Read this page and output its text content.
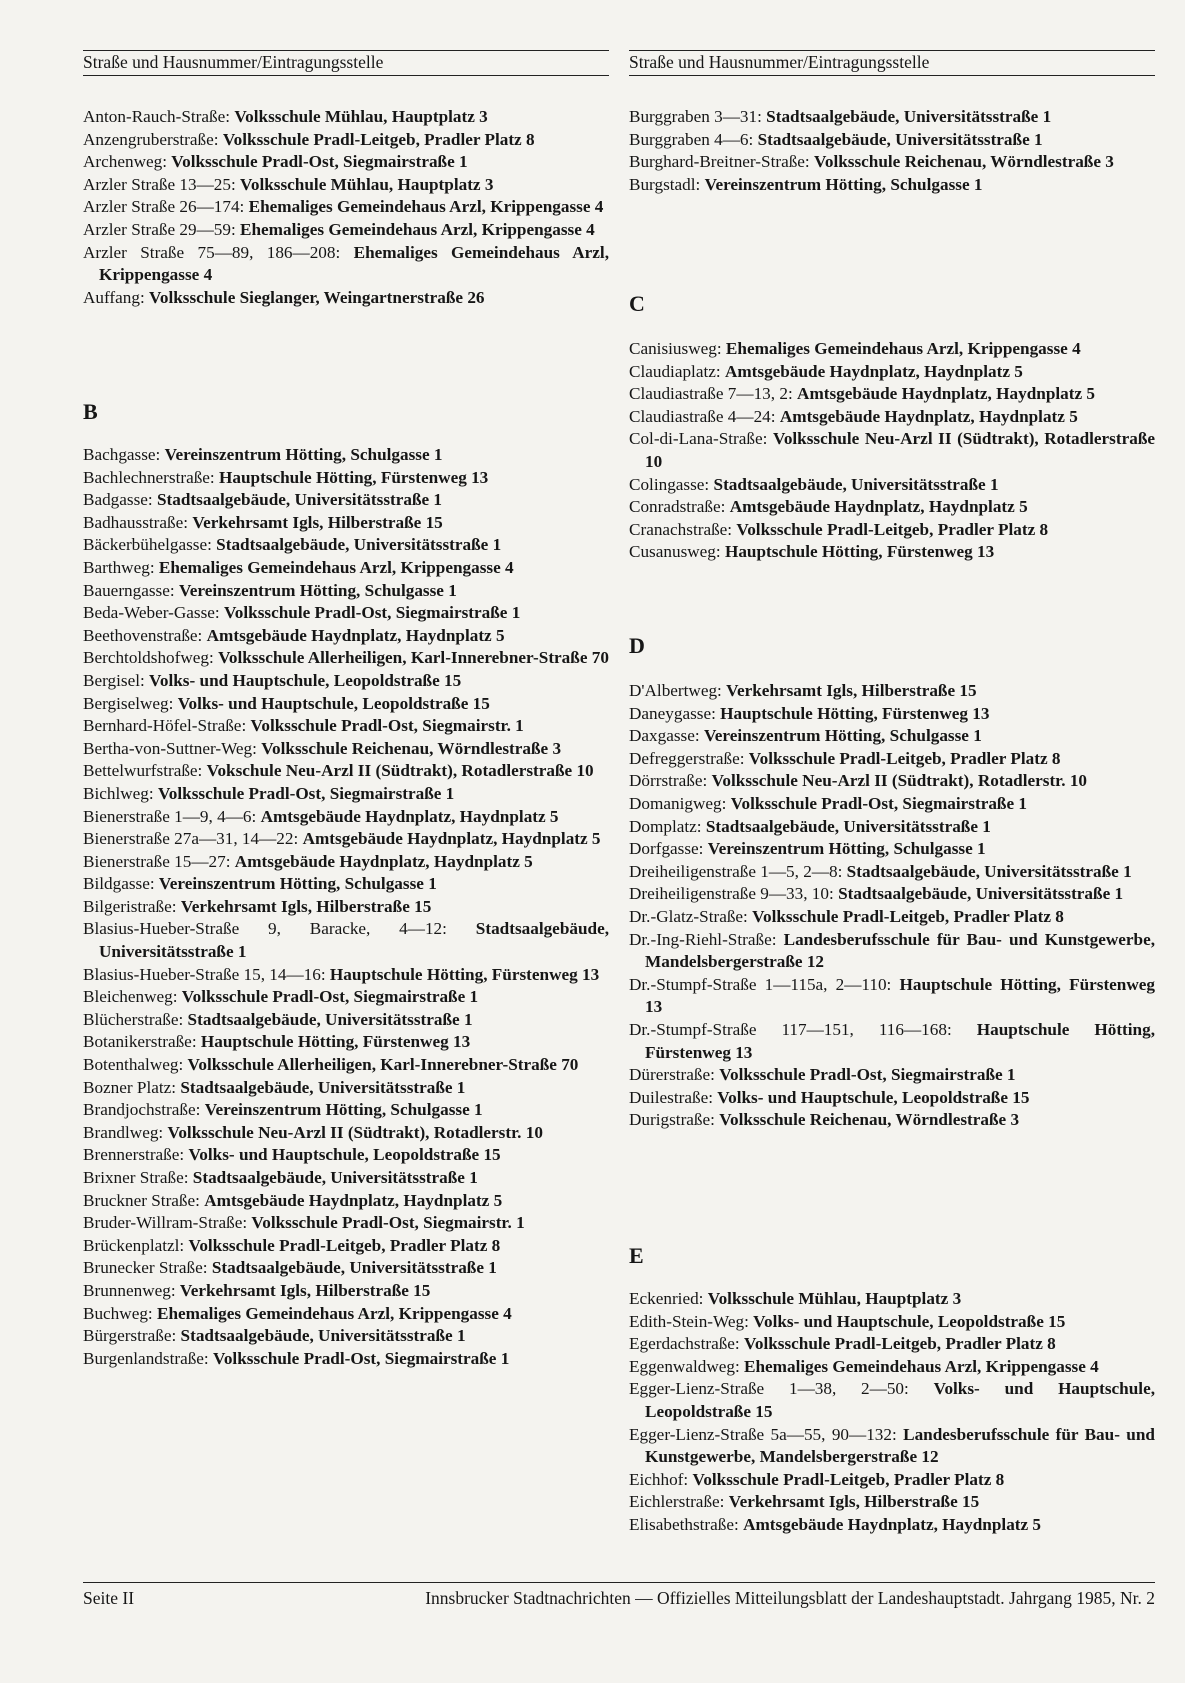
Straße und Hausnummer/Eintragungsstelle	Straße und Hausnummer/Eintragungsstelle
Anton-Rauch-Straße: Volksschule Mühlau, Hauptplatz 3
Anzengruberstraße: Volksschule Pradl-Leitgeb, Pradler Platz 8
Archenweg: Volksschule Pradl-Ost, Siegmairstraße 1
Arzler Straße 13—25: Volksschule Mühlau, Hauptplatz 3
Arzler Straße 26—174: Ehemaliges Gemeindehaus Arzl, Krippengasse 4
Arzler Straße 29—59: Ehemaliges Gemeindehaus Arzl, Krippengasse 4
Arzler Straße 75—89, 186—208: Ehemaliges Gemeindehaus Arzl, Krippengasse 4
Auffang: Volksschule Sieglanger, Weingartnerstraße 26
B
Bachgasse: Vereinszentrum Hötting, Schulgasse 1
Bachlechnerstraße: Hauptschule Hötting, Fürstenweg 13
Badgasse: Stadtsaalgebäude, Universitätsstraße 1
Badhausstraße: Verkehrsamt Igls, Hilberstraße 15
Bäckerbühelgasse: Stadtsaalgebäude, Universitätsstraße 1
Barthweg: Ehemaliges Gemeindehaus Arzl, Krippengasse 4
Bauerngasse: Vereinszentrum Hötting, Schulgasse 1
Beda-Weber-Gasse: Volksschule Pradl-Ost, Siegmairstraße 1
Beethovenstraße: Amtsgebäude Haydnplatz, Haydnplatz 5
Berchtoldshofweg: Volksschule Allerheiligen, Karl-Innerebner-Straße 70
Bergisel: Volks- und Hauptschule, Leopoldstraße 15
Bergiselweg: Volks- und Hauptschule, Leopoldstraße 15
Bernhard-Höfel-Straße: Volksschule Pradl-Ost, Siegmairstr. 1
Bertha-von-Suttner-Weg: Volksschule Reichenau, Wörndlestraße 3
Bettelwurfstraße: Vokschule Neu-Arzl II (Südtrakt), Rotadlerstraße 10
Bichlweg: Volksschule Pradl-Ost, Siegmairstraße 1
Bienerstraße 1—9, 4—6: Amtsgebäude Haydnplatz, Haydnplatz 5
Bienerstraße 27a—31, 14—22: Amtsgebäude Haydnplatz, Haydnplatz 5
Bienerstraße 15—27: Amtsgebäude Haydnplatz, Haydnplatz 5
Bildgasse: Vereinszentrum Hötting, Schulgasse 1
Bilgeristraße: Verkehrsamt Igls, Hilberstraße 15
Blasius-Hueber-Straße 9, Baracke, 4—12: Stadtsaalgebäude, Universitätsstraße 1
Blasius-Hueber-Straße 15, 14—16: Hauptschule Hötting, Fürstenweg 13
Bleichenweg: Volksschule Pradl-Ost, Siegmairstraße 1
Blücherstraße: Stadtsaalgebäude, Universitätsstraße 1
Botanikerstraße: Hauptschule Hötting, Fürstenweg 13
Botenthalweg: Volksschule Allerheiligen, Karl-Innerebner-Straße 70
Bozner Platz: Stadtsaalgebäude, Universitätsstraße 1
Brandjochstraße: Vereinszentrum Hötting, Schulgasse 1
Brandlweg: Volksschule Neu-Arzl II (Südtrakt), Rotadlerstr. 10
Brennerstraße: Volks- und Hauptschule, Leopoldstraße 15
Brixner Straße: Stadtsaalgebäude, Universitätsstraße 1
Bruckner Straße: Amtsgebäude Haydnplatz, Haydnplatz 5
Bruder-Willram-Straße: Volksschule Pradl-Ost, Siegmairstr. 1
Brückenplatzl: Volksschule Pradl-Leitgeb, Pradler Platz 8
Brunecker Straße: Stadtsaalgebäude, Universitätsstraße 1
Brunnenweg: Verkehrsamt Igls, Hilberstraße 15
Buchweg: Ehemaliges Gemeindehaus Arzl, Krippengasse 4
Bürgerstraße: Stadtsaalgebäude, Universitätsstraße 1
Burgenlandstraße: Volksschule Pradl-Ost, Siegmairstraße 1
Burggraben 3—31: Stadtsaalgebäude, Universitätsstraße 1
Burggraben 4—6: Stadtsaalgebäude, Universitätsstraße 1
Burghard-Breitner-Straße: Volksschule Reichenau, Wörndlestraße 3
Burgstadl: Vereinszentrum Hötting, Schulgasse 1
C
Canisiusweg: Ehemaliges Gemeindehaus Arzl, Krippengasse 4
Claudiaplatz: Amtsgebäude Haydnplatz, Haydnplatz 5
Claudiastraße 7—13, 2: Amtsgebäude Haydnplatz, Haydnplatz 5
Claudiastraße 4—24: Amtsgebäude Haydnplatz, Haydnplatz 5
Col-di-Lana-Straße: Volksschule Neu-Arzl II (Südtrakt), Rotadlerstraße 10
Colingasse: Stadtsaalgebäude, Universitätsstraße 1
Conradstraße: Amtsgebäude Haydnplatz, Haydnplatz 5
Cranachstraße: Volksschule Pradl-Leitgeb, Pradler Platz 8
Cusanusweg: Hauptschule Hötting, Fürstenweg 13
D
D'Albertweg: Verkehrsamt Igls, Hilberstraße 15
Daneygasse: Hauptschule Hötting, Fürstenweg 13
Daxgasse: Vereinszentrum Hötting, Schulgasse 1
Defreggerstraße: Volksschule Pradl-Leitgeb, Pradler Platz 8
Dörrstraße: Volksschule Neu-Arzl II (Südtrakt), Rotadlerstr. 10
Domanigweg: Volksschule Pradl-Ost, Siegmairstraße 1
Domplatz: Stadtsaalgebäude, Universitätsstraße 1
Dorfgasse: Vereinszentrum Hötting, Schulgasse 1
Dreiheiligenstraße 1—5, 2—8: Stadtsaalgebäude, Universitätsstraße 1
Dreiheiligenstraße 9—33, 10: Stadtsaalgebäude, Universitätsstraße 1
Dr.-Glatz-Straße: Volksschule Pradl-Leitgeb, Pradler Platz 8
Dr.-Ing-Riehl-Straße: Landesberufsschule für Bau- und Kunstgewerbe, Mandelsbergerstraße 12
Dr.-Stumpf-Straße 1—115a, 2—110: Hauptschule Hötting, Fürstenweg 13
Dr.-Stumpf-Straße 117—151, 116—168: Hauptschule Hötting, Fürstenweg 13
Dürerstraße: Volksschule Pradl-Ost, Siegmairstraße 1
Duilestraße: Volks- und Hauptschule, Leopoldstraße 15
Durigstraße: Volksschule Reichenau, Wörndlestraße 3
E
Eckenried: Volksschule Mühlau, Hauptplatz 3
Edith-Stein-Weg: Volks- und Hauptschule, Leopoldstraße 15
Egerdachstraße: Volksschule Pradl-Leitgeb, Pradler Platz 8
Eggenwaldweg: Ehemaliges Gemeindehaus Arzl, Krippengasse 4
Egger-Lienz-Straße 1—38, 2—50: Volks- und Hauptschule, Leopoldstraße 15
Egger-Lienz-Straße 5a—55, 90—132: Landesberufsschule für Bau- und Kunstgewerbe, Mandelsbergerstraße 12
Eichhof: Volksschule Pradl-Leitgeb, Pradler Platz 8
Eichlerstraße: Verkehrsamt Igls, Hilberstraße 15
Elisabethstraße: Amtsgebäude Haydnplatz, Haydnplatz 5
Seite II	Innsbrucker Stadtnachrichten — Offizielles Mitteilungsblatt der Landeshauptstadt. Jahrgang 1985, Nr. 2
